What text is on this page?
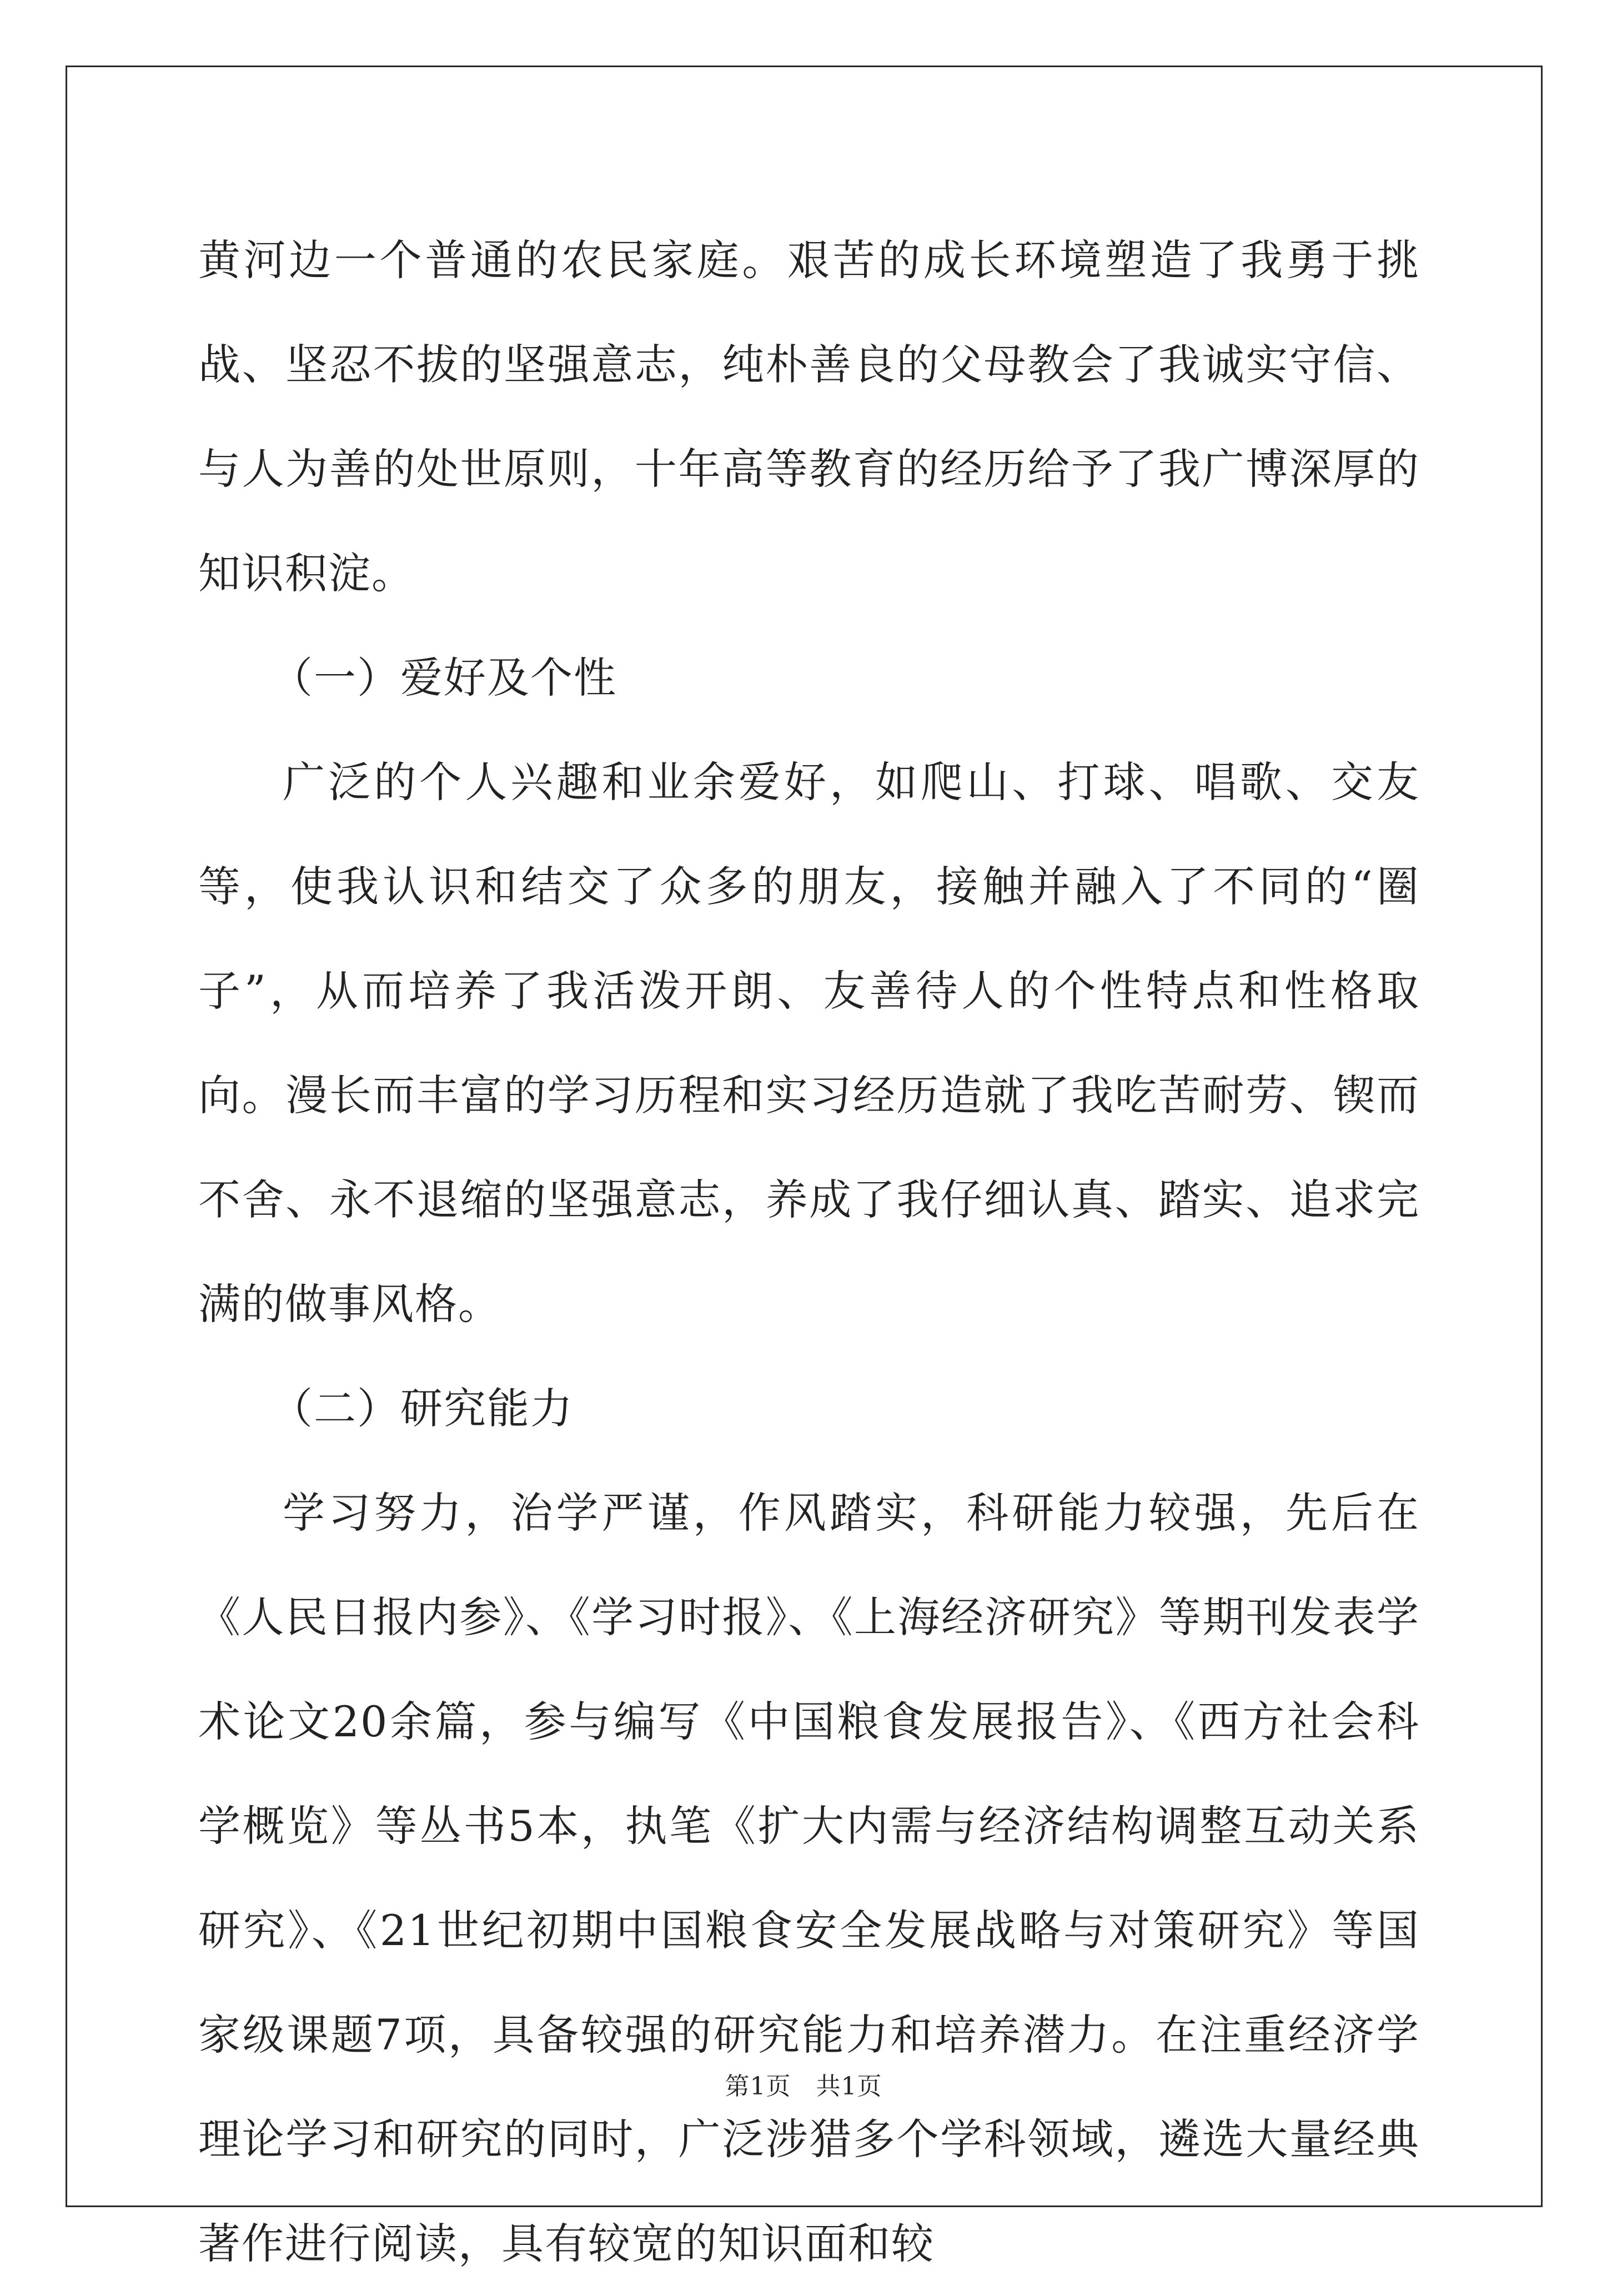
黄河边一个普通的农民家庭。艰苦的成长环境塑造了我勇于挑战、坚忍不拔的坚强意志，纯朴善良的父母教会了我诚实守信、与人为善的处世原则，十年高等教育的经历给予了我广博深厚的知识积淀。

（一）爱好及个性

广泛的个人兴趣和业余爱好，如爬山、打球、唱歌、交友等，使我认识和结交了众多的朋友，接触并融入了不同的“圈子”，从而培养了我活泼开朗、友善待人的个性特点和性格取向。漫长而丰富的学习历程和实习经历造就了我吃苦耐劳、锲而不舍、永不退缩的坚强意志，养成了我仔细认真、踏实、追求完满的做事风格。

（二）研究能力

学习努力，治学严谨，作风踏实，科研能力较强，先后在《人民日报内参》、《学习时报》、《上海经济研究》等期刊发表学术论文20余篇，参与编写《中国粮食发展报告》、《西方社会科学概览》等丛书5本，执笔《扩大内需与经济结构调整互动关系研究》、《21世纪初期中国粮食安全发展战略与对策研究》等国家级课题7项，具备较强的研究能力和培养潜力。在注重经济学理论学习和研究的同时，广泛涉猎多个学科领域，遴选大量经典著作进行阅读，具有较宽的知识面和较

第1页　共1页
